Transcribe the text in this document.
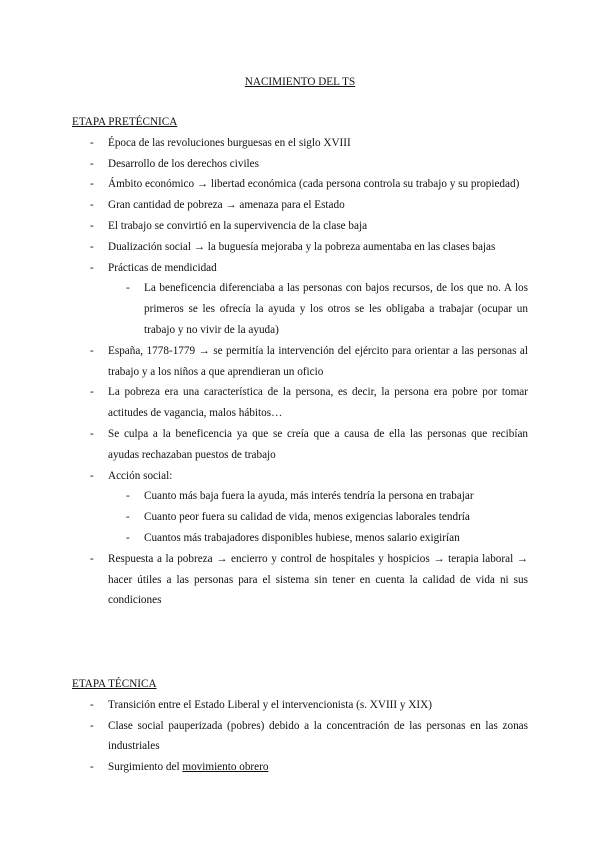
NACIMIENTO DEL TS

ETAPA PRETÉCNICA

- Época de las revoluciones burguesas en el siglo XVIII
- Desarrollo de los derechos civiles
- Ámbito económico → libertad económica (cada persona controla su trabajo y su propiedad)
- Gran cantidad de pobreza → amenaza para el Estado
- El trabajo se convirtió en la supervivencia de la clase baja
- Dualización social → la buguesía mejoraba y la pobreza aumentaba en las clases bajas
- Prácticas de mendicidad
- La beneficencia diferenciaba a las personas con bajos recursos, de los que no. A los primeros se les ofrecía la ayuda y los otros se les obligaba a trabajar (ocupar un trabajo y no vivir de la ayuda)
- España, 1778-1779 → se permitía la intervención del ejército para orientar a las personas al trabajo y a los niños a que aprendieran un oficio
- La pobreza era una característica de la persona, es decir, la persona era pobre por tomar actitudes de vagancia, malos hábitos…
- Se culpa a la beneficencia ya que se creía que a causa de ella las personas que recibían ayudas rechazaban puestos de trabajo
- Acción social:
- Cuanto más baja fuera la ayuda, más interés tendría la persona en trabajar
- Cuanto peor fuera su calidad de vida, menos exigencias laborales tendría
- Cuantos más trabajadores disponibles hubiese, menos salario exigirían
- Respuesta a la pobreza → encierro y control de hospitales y hospicios → terapia laboral → hacer útiles a las personas para el sistema sin tener en cuenta la calidad de vida ni sus condiciones

ETAPA TÉCNICA

- Transición entre el Estado Liberal y el intervencionista (s. XVIII y XIX)
- Clase social pauperizada (pobres) debido a la concentración de las personas en las zonas industriales
- Surgimiento del movimiento obrero
